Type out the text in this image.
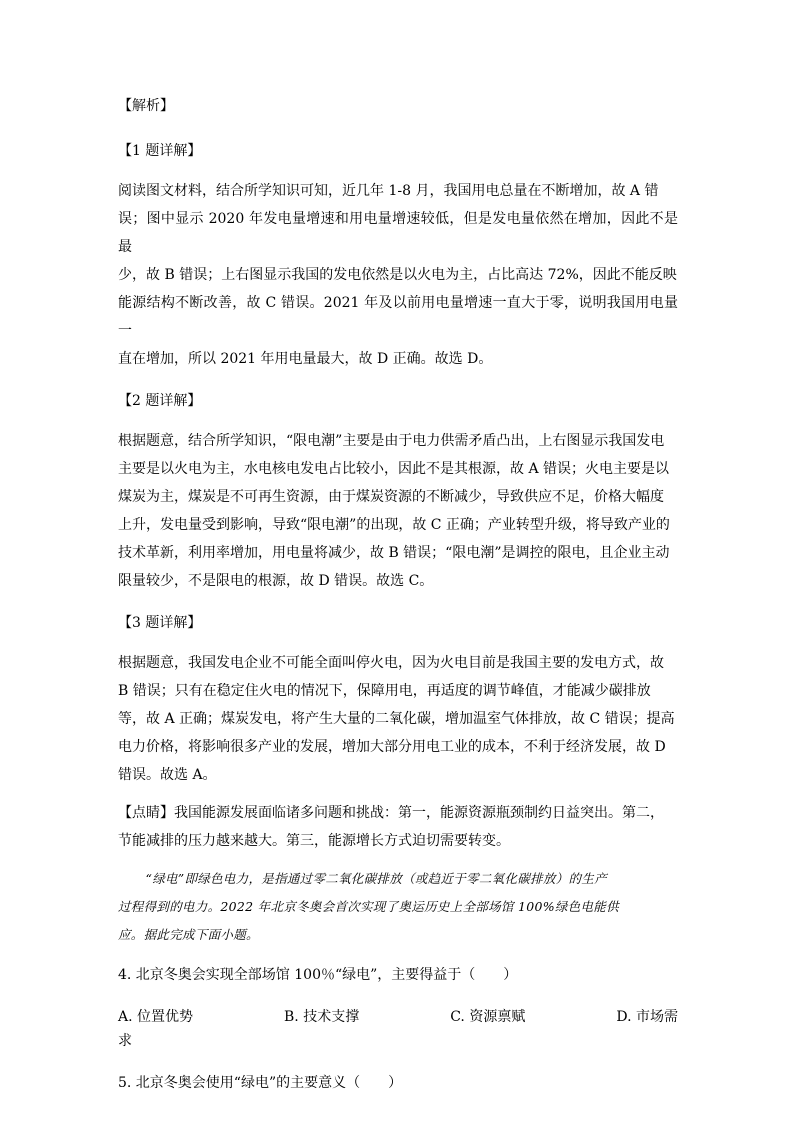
【解析】

【1 题详解】

阅读图文材料，结合所学知识可知，近几年 1-8 月，我国用电总量在不断增加，故 A 错

误；图中显示 2020 年发电量增速和用电量增速较低，但是发电量依然在增加，因此不是最

少，故 B 错误；上右图显示我国的发电依然是以火电为主，占比高达 72%，因此不能反映

能源结构不断改善，故 C 错误。2021 年及以前用电量增速一直大于零，说明我国用电量一

直在增加，所以 2021 年用电量最大，故 D 正确。故选 D。

【2 题详解】

根据题意，结合所学知识，“限电潮”主要是由于电力供需矛盾凸出，上右图显示我国发电

主要是以火电为主，水电核电发电占比较小，因此不是其根源，故 A 错误；火电主要是以

煤炭为主，煤炭是不可再生资源，由于煤炭资源的不断减少，导致供应不足，价格大幅度

上升，发电量受到影响，导致“限电潮”的出现，故 C 正确；产业转型升级，将导致产业的

技术革新，利用率增加，用电量将减少，故 B 错误；“限电潮”是调控的限电，且企业主动

限量较少，不是限电的根源，故 D 错误。故选 C。

【3 题详解】

根据题意，我国发电企业不可能全面叫停火电，因为火电目前是我国主要的发电方式，故

B 错误；只有在稳定住火电的情况下，保障用电，再适度的调节峰值，才能减少碳排放

等，故 A 正确；煤炭发电，将产生大量的二氧化碳，增加温室气体排放，故 C 错误；提高

电力价格，将影响很多产业的发展，增加大部分用电工业的成本，不利于经济发展，故 D

错误。故选 A。

【点睛】我国能源发展面临诸多问题和挑战：第一，能源资源瓶颈制约日益突出。第二，

节能减排的压力越来越大。第三，能源增长方式迫切需要转变。

“绿电”即绿色电力，是指通过零二氧化碳排放（或趋近于零二氧化碳排放）的生产

过程得到的电力。2022 年北京冬奥会首次实现了奥运历史上全部场馆 100%绿色电能供

应。据此完成下面小题。

4. 北京冬奥会实现全部场馆 100％“绿电”，主要得益于（　　）

A. 位置优势	B. 技术支撑	C. 资源禀赋	D. 市场需

求

5. 北京冬奥会使用“绿电”的主要意义（　　）
